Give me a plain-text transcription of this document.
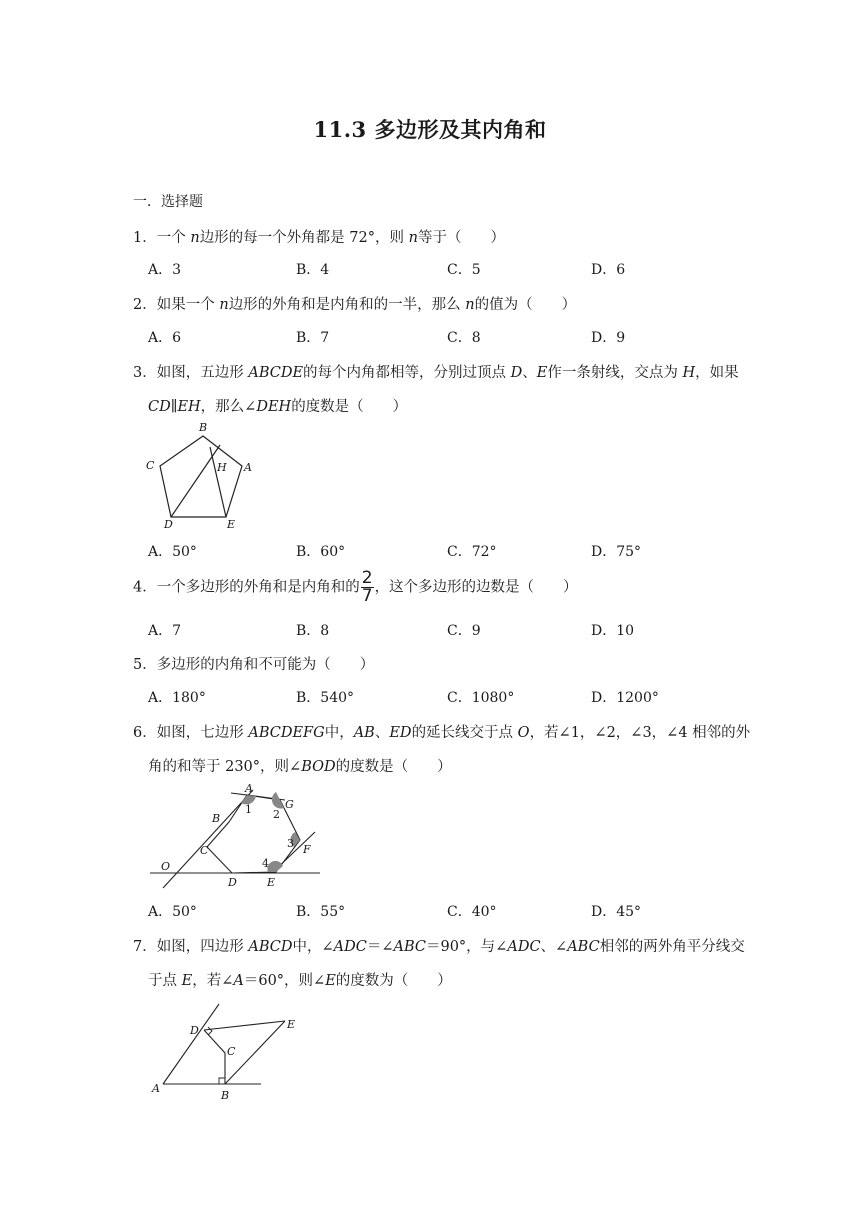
11.3 多边形及其内角和
一．选择题
1．一个 n边形的每一个外角都是 72°，则 n等于（　　）
A．3	B．4	C．5	D．6
2．如果一个 n边形的外角和是内角和的一半，那么 n的值为（　　）
A．6	B．7	C．8	D．9
3．如图，五边形 ABCDE的每个内角都相等，分别过顶点 D、E作一条射线，交点为 H，如果
CD∥EH，那么∠DEH的度数是（　　）
B
C	H A
D	E
A．50°	B．60°	C．72°	D．75°
4．一个多边形的外角和是内角和的 $\frac{2}{7}$ ，这个多边形的边数是（　　）
A．7	B．8	C．9	D．10
5．多边形的内角和不可能为（　　）
A．180°	B．540°	C．1080°	D．1200°
6．如图，七边形 ABCDEFG中，AB、ED的延长线交于点 O，若∠1，∠2，∠3，∠4 相邻的外
角的和等于 230°，则∠BOD的度数是（　　）
A
G
1 2
B
3 F
C
4
O
D	E
A．50°	B．55°	C．40°	D．45°
7．如图，四边形 ABCD中，∠ADC＝∠ABC＝90°，与∠ADC、∠ABC相邻的两外角平分线交
于点 E，若∠A＝60°，则∠E的度数为（　　）
D	E
C
A
B
